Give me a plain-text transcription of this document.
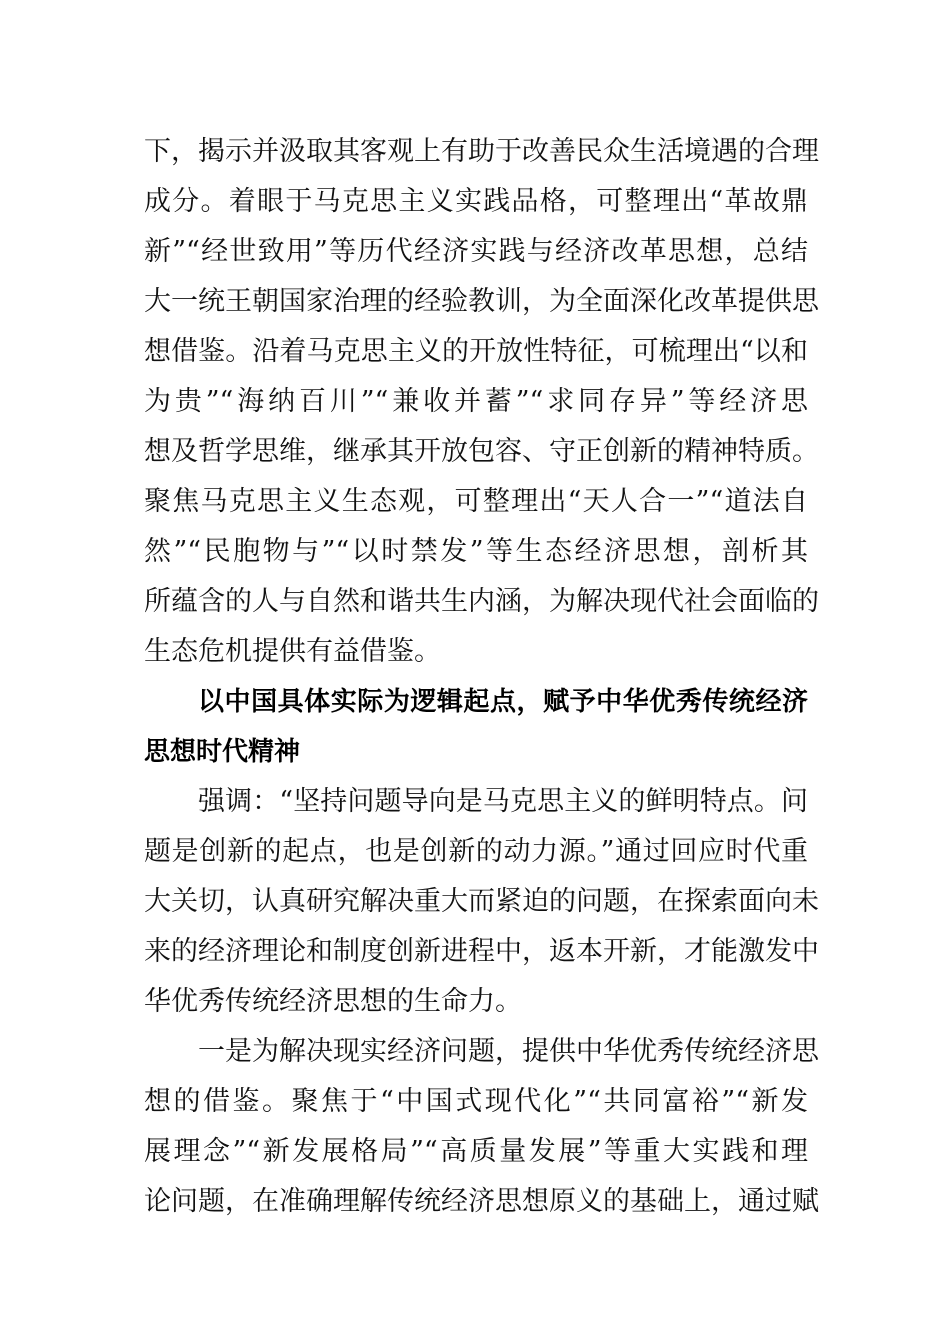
下，揭示并汲取其客观上有助于改善民众生活境遇的合理
成分。着眼于马克思主义实践品格，可整理出“革故鼎
新”“经世致用”等历代经济实践与经济改革思想，总结
大一统王朝国家治理的经验教训，为全面深化改革提供思
想借鉴。沿着马克思主义的开放性特征，可梳理出“以和
为贵”“海纳百川”“兼收并蓄”“求同存异”等经济思
想及哲学思维，继承其开放包容、守正创新的精神特质。
聚焦马克思主义生态观，可整理出“天人合一”“道法自
然”“民胞物与”“以时禁发”等生态经济思想，剖析其
所蕴含的人与自然和谐共生内涵，为解决现代社会面临的
生态危机提供有益借鉴。
以中国具体实际为逻辑起点，赋予中华优秀传统经济
思想时代精神
强调：“坚持问题导向是马克思主义的鲜明特点。问
题是创新的起点，也是创新的动力源。”通过回应时代重
大关切，认真研究解决重大而紧迫的问题，在探索面向未
来的经济理论和制度创新进程中，返本开新，才能激发中
华优秀传统经济思想的生命力。
一是为解决现实经济问题，提供中华优秀传统经济思
想的借鉴。聚焦于“中国式现代化”“共同富裕”“新发
展理念”“新发展格局”“高质量发展”等重大实践和理
论问题，在准确理解传统经济思想原义的基础上，通过赋
